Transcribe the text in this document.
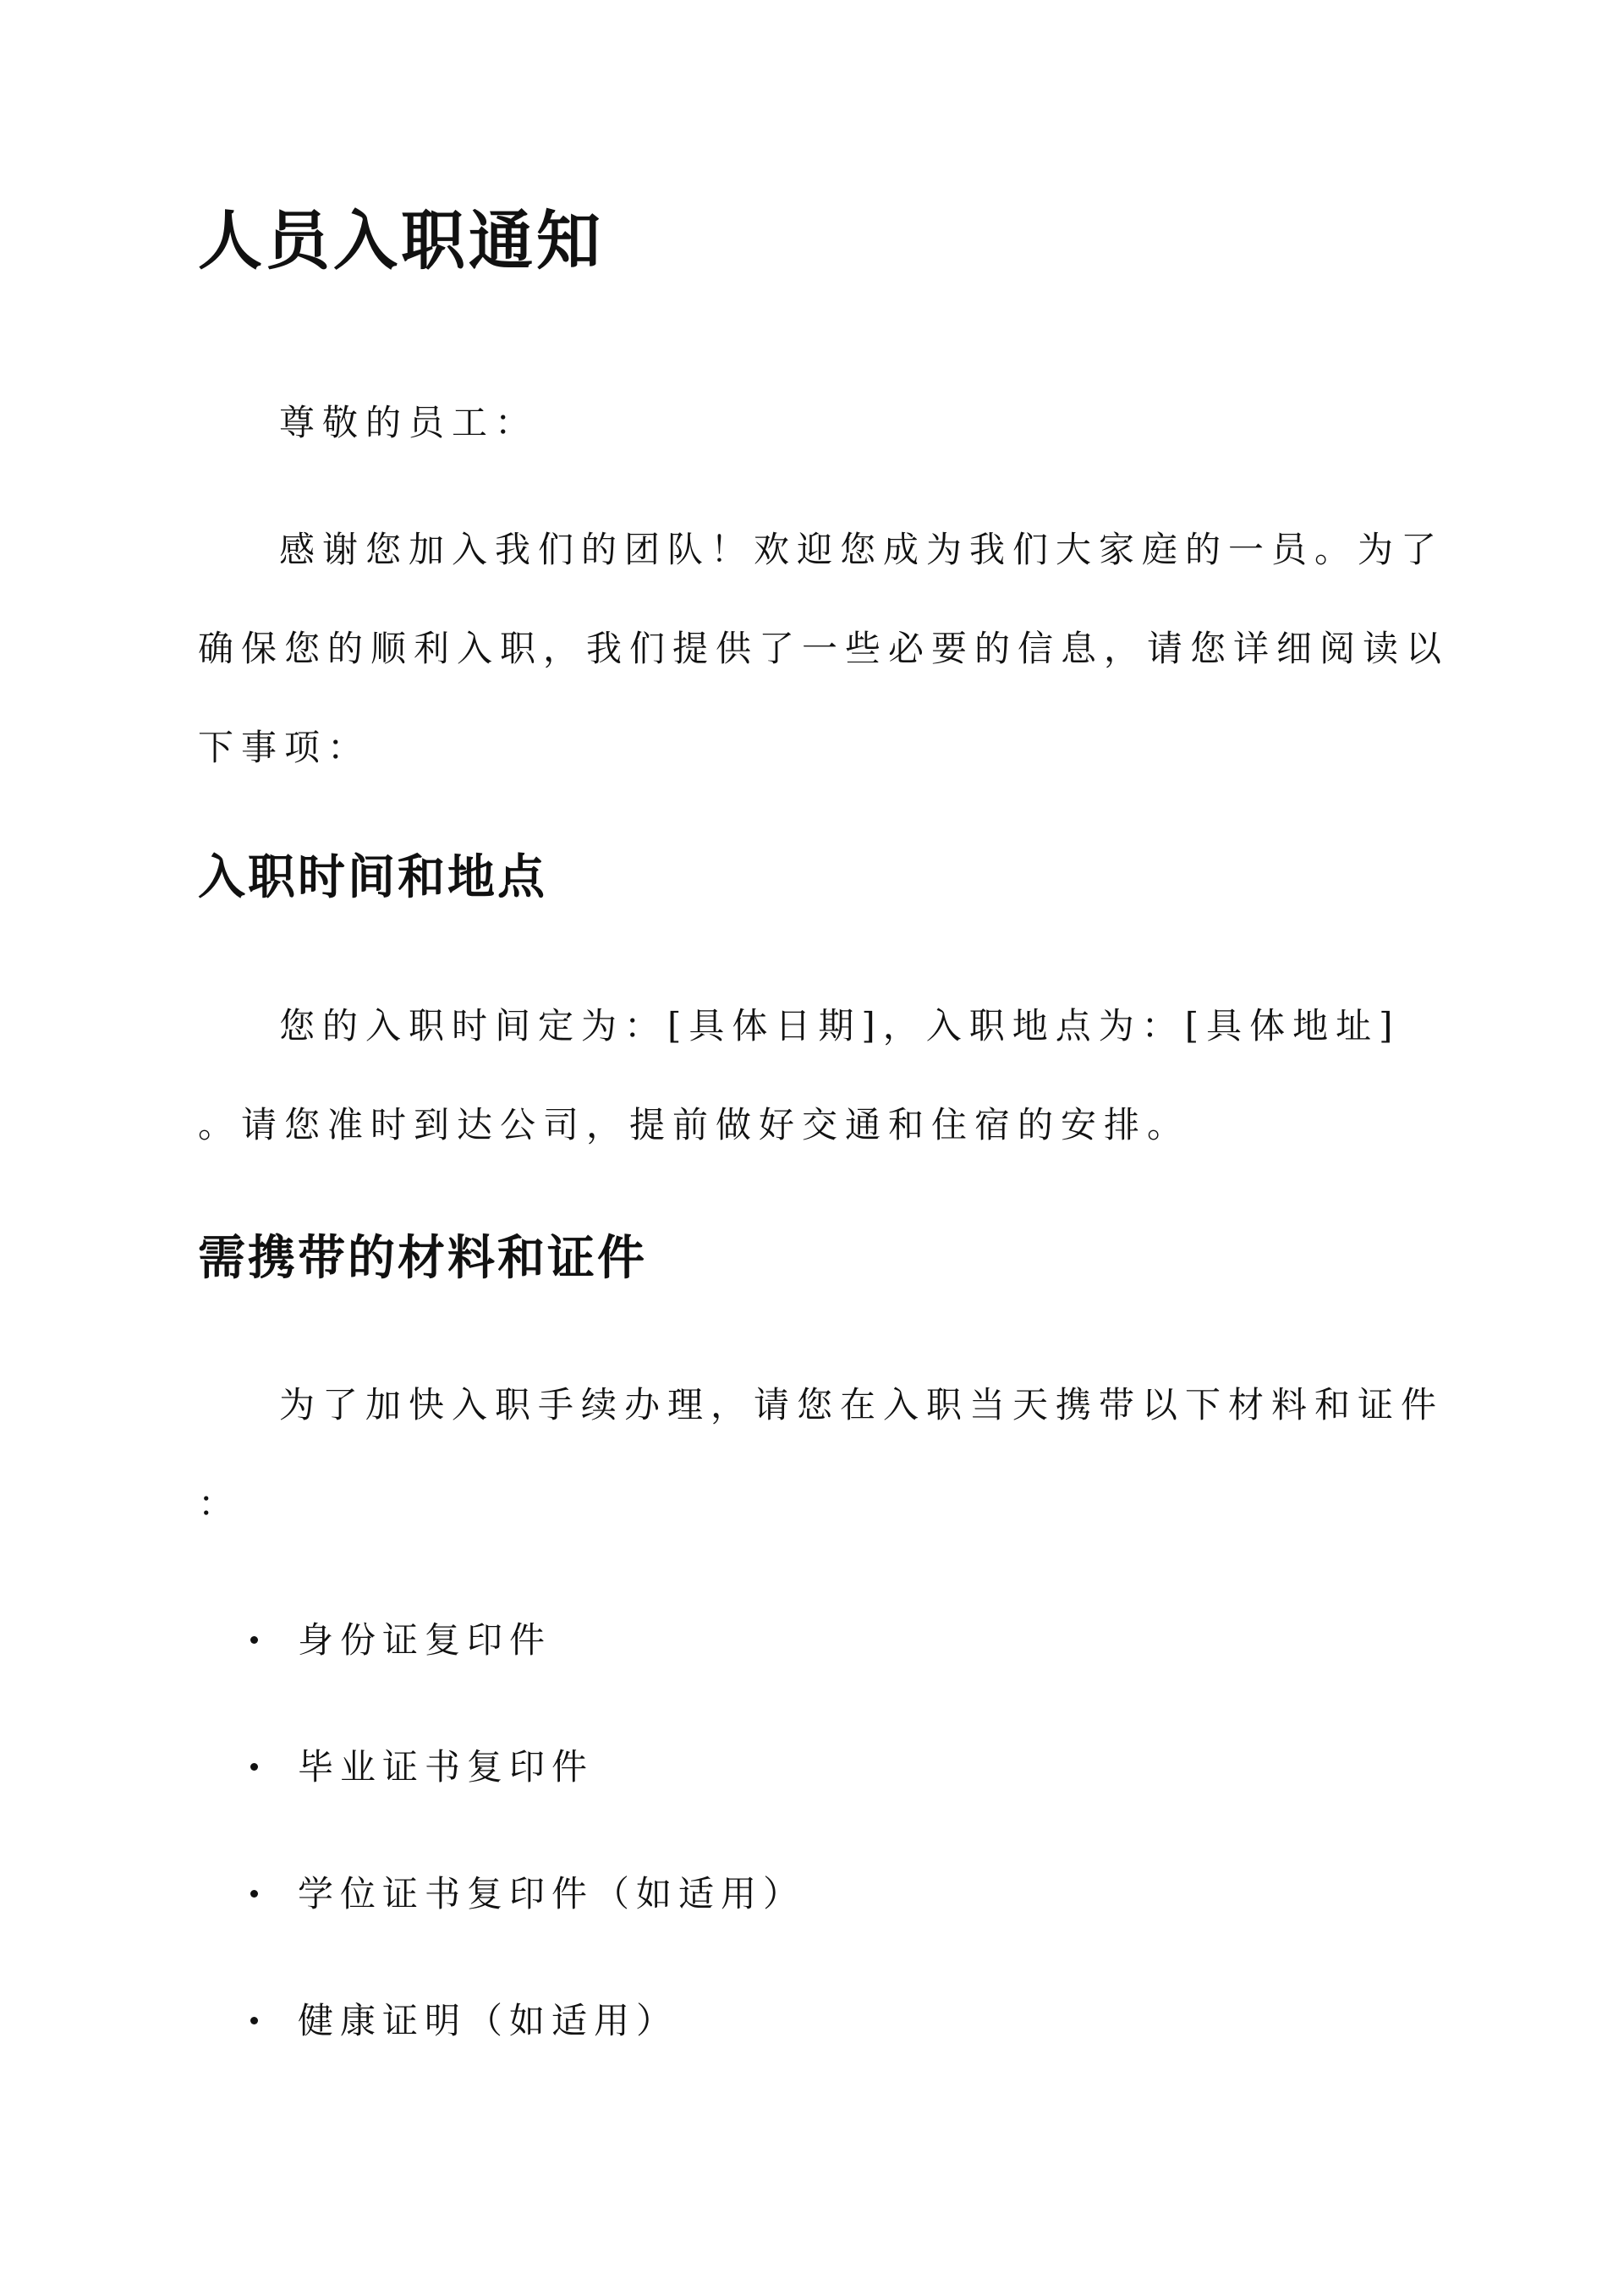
人员入职通知

尊敬的员工：

感谢您加入我们的团队！欢迎您成为我们大家庭的一员。为了
确保您的顺利入职，我们提供了一些必要的信息，请您详细阅读以
下事项：

入职时间和地点

您的入职时间定为：[具体日期]，入职地点为：[具体地址]
。请您准时到达公司，提前做好交通和住宿的安排。

需携带的材料和证件

为了加快入职手续办理，请您在入职当天携带以下材料和证件
：

身份证复印件
毕业证书复印件
学位证书复印件（如适用）
健康证明（如适用）
